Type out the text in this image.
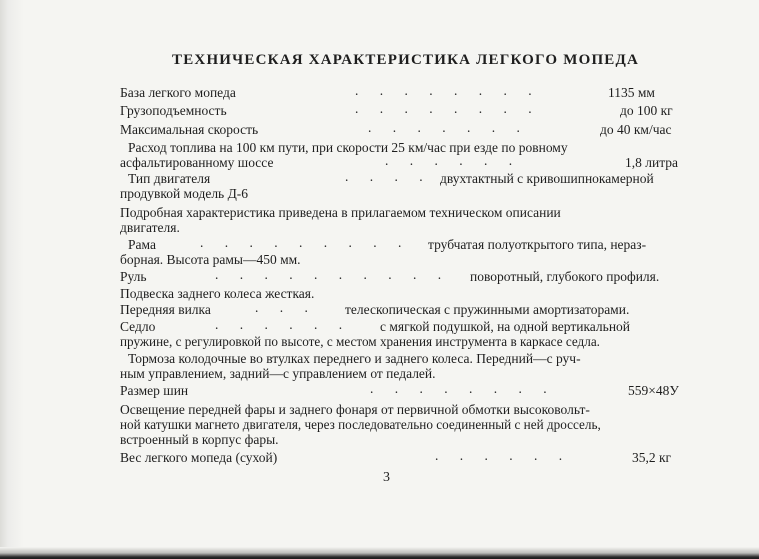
ТЕХНИЧЕСКАЯ ХАРАКТЕРИСТИКА ЛЕГКОГО МОПЕДА
База легкого мопеда	. . . . . . . .	1135 мм
Грузоподъемность	. . . . . . . .	до 100 кг
Максимальная скорость	. . . . . . .	до 40 км/час
Расход топлива на 100 км пути, при скорости 25 км/час при езде по ровному
асфальтированному шоссе	. . . . . .	1,8 литра
Тип двигателя	. . . . двухтактный с кривошипнокамерной
продувкой модель Д-6
Подробная характеристика приведена в прилагаемом техническом описании
двигателя.
Рама	. . . . . . . . . трубчатая полуоткрытого типа, нераз-
борная. Высота рамы—450 мм.
Руль	. . . . . . . . . . поворотный, глубокого профиля.
Подвеска заднего колеса жесткая.
Передняя вилка	. . . телескопическая с пружинными амортизаторами.
Седло	. . . . . . с мягкой подушкой, на одной вертикальной
пружине, с регулировкой по высоте, с местом хранения инструмента в каркасе седла.
Тормоза колодочные во втулках переднего и заднего колеса. Передний—с руч-
ным управлением, задний—с управлением от педалей.
Размер шин	. . . . . . . .	559×48У
Освещение передней фары и заднего фонаря от первичной обмотки высоковольт-
ной катушки магнето двигателя, через последовательно соединенный с ней дроссель,
встроенный в корпус фары.
Вес легкого мопеда (сухой)	. . . . . .	35,2 кг
3
